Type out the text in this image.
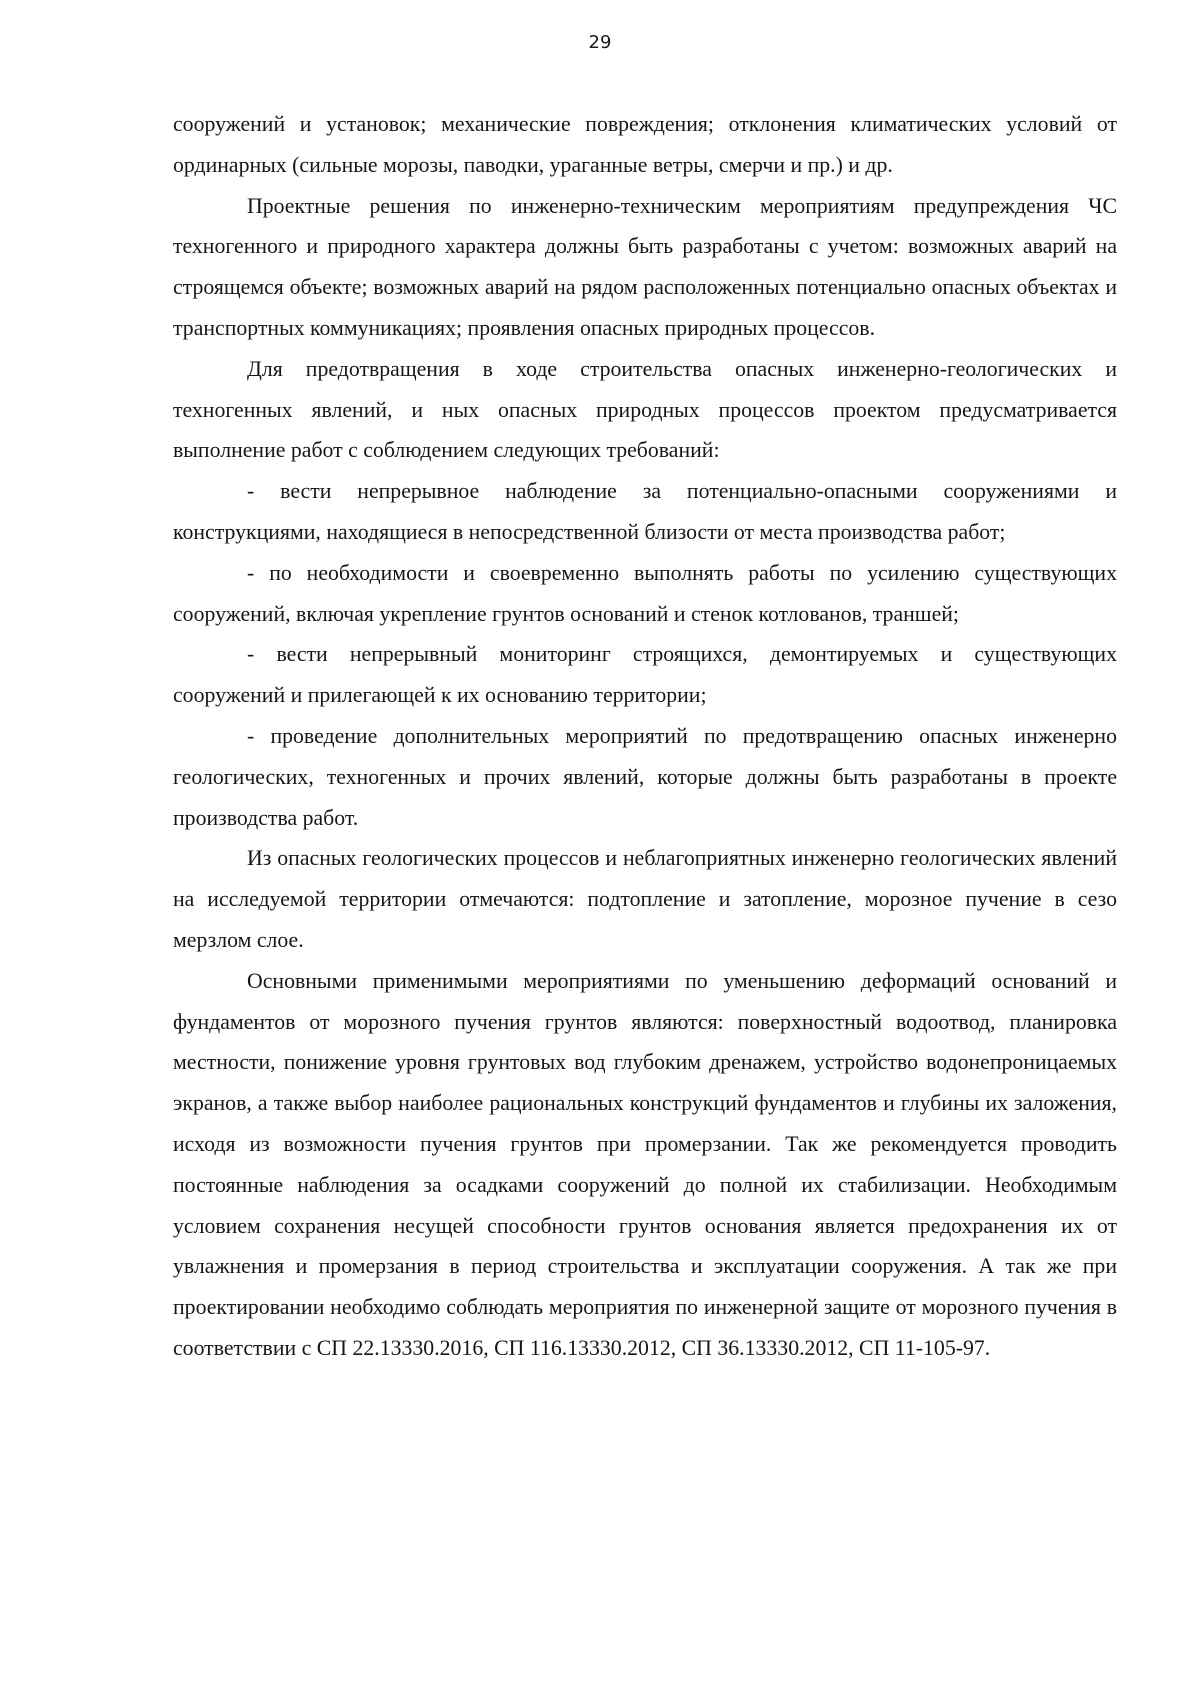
29

сооружений и установок; механические повреждения; отклонения климатических условий от ординарных (сильные морозы, паводки, ураганные ветры, смерчи и пр.) и др.

Проектные решения по инженерно-техническим мероприятиям предупреждения ЧС техногенного и природного характера должны быть разработаны с учетом: возможных аварий на строящемся объекте; возможных аварий на рядом расположенных потенциально опасных объектах и транспортных коммуникациях; проявления опасных природных процессов.

Для предотвращения в ходе строительства опасных инженерно-геологических и техногенных явлений, и ных опасных природных процессов проектом предусматривается выполнение работ с соблюдением следующих требований:

- вести непрерывное наблюдение за потенциально-опасными сооружениями и конструкциями, находящиеся в непосредственной близости от места производства работ;

- по необходимости и своевременно выполнять работы по усилению существующих сооружений, включая укрепление грунтов оснований и стенок котлованов, траншей;

- вести непрерывный мониторинг строящихся, демонтируемых и существующих сооружений и прилегающей к их основанию территории;

- проведение дополнительных мероприятий по предотвращению опасных инженерно геологических, техногенных и прочих явлений, которые должны быть разработаны в проекте производства работ.

Из опасных геологических процессов и неблагоприятных инженерно геологических явлений на исследуемой территории отмечаются: подтопление и затопление, морозное пучение в сезо мерзлом слое.

Основными применимыми мероприятиями по уменьшению деформаций оснований и фундаментов от морозного пучения грунтов являются: поверхностный водоотвод, планировка местности, понижение уровня грунтовых вод глубоким дренажем, устройство водонепроницаемых экранов, а также выбор наиболее рациональных конструкций фундаментов и глубины их заложения, исходя из возможности пучения грунтов при промерзании. Так же рекомендуется проводить постоянные наблюдения за осадками сооружений до полной их стабилизации. Необходимым условием сохранения несущей способности грунтов основания является предохранения их от увлажнения и промерзания в период строительства и эксплуатации сооружения. А так же при проектировании необходимо соблюдать мероприятия по инженерной защите от морозного пучения в соответствии с СП 22.13330.2016, СП 116.13330.2012, СП 36.13330.2012, СП 11-105-97.
